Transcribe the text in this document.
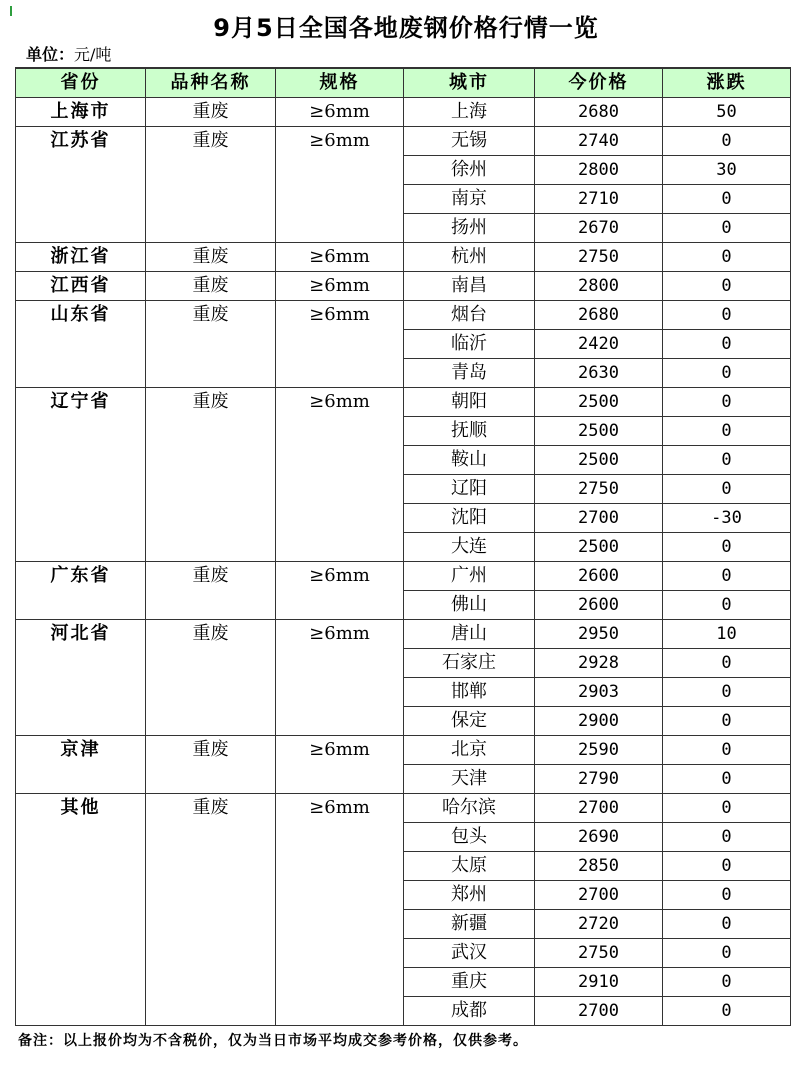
9月5日全国各地废钢价格行情一览
单位：元/吨
省份	品种名称	规格	城市	今价格	涨跌
上海市	重废	≥6mm	上海	2680	50
江苏省	重废	≥6mm	无锡	2740	0
			徐州	2800	30
			南京	2710	0
			扬州	2670	0
浙江省	重废	≥6mm	杭州	2750	0
江西省	重废	≥6mm	南昌	2800	0
山东省	重废	≥6mm	烟台	2680	0
			临沂	2420	0
			青岛	2630	0
辽宁省	重废	≥6mm	朝阳	2500	0
			抚顺	2500	0
			鞍山	2500	0
			辽阳	2750	0
			沈阳	2700	-30
			大连	2500	0
广东省	重废	≥6mm	广州	2600	0
			佛山	2600	0
河北省	重废	≥6mm	唐山	2950	10
			石家庄	2928	0
			邯郸	2903	0
			保定	2900	0
京津	重废	≥6mm	北京	2590	0
			天津	2790	0
其他	重废	≥6mm	哈尔滨	2700	0
			包头	2690	0
			太原	2850	0
			郑州	2700	0
			新疆	2720	0
			武汉	2750	0
			重庆	2910	0
			成都	2700	0
备注：以上报价均为不含税价，仅为当日市场平均成交参考价格，仅供参考。
